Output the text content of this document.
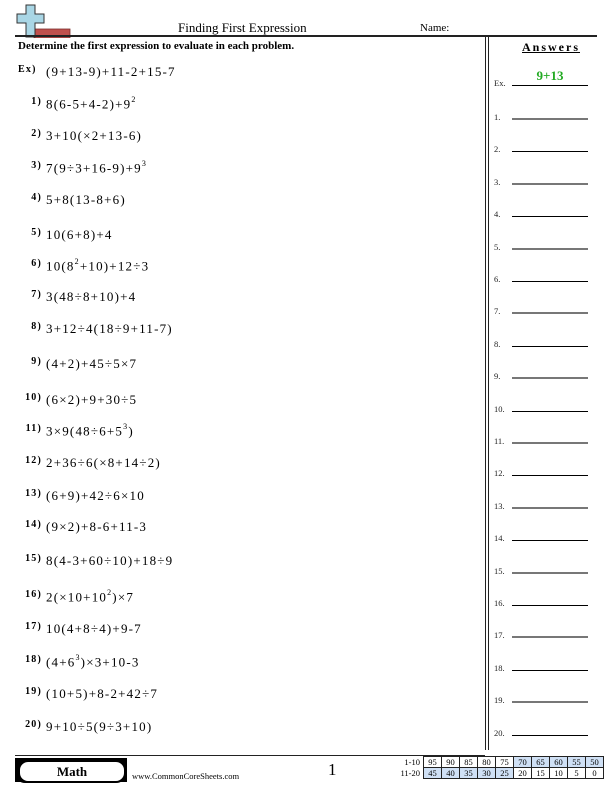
Finding First Expression	Name:
Determine the first expression to evaluate in each problem.
Ex) (9+13-9)+11-2+15-7
1) $8(6-5+4-2)+9^2$
2) 3+10(×2+13-6)
3) $7(9\div 3+16-9)+9^3$
4) 5+8(13-8+6)
5) 10(6+8)+4
6) $10(8^2+10)+12\div 3$
7) 3(48÷8+10)+4
8) 3+12÷4(18÷9+11-7)
9) (4+2)+45÷5×7
10) (6×2)+9+30÷5
11) $3\times 9(48\div 6+5^3)$
12) 2+36÷6(×8+14÷2)
13) (6+9)+42÷6×10
14) (9×2)+8-6+11-3
15) 8(4-3+60÷10)+18÷9
16) $2(\times 10+10^2)\times 7$
17) 10(4+8÷4)+9-7
18) $(4+6^3)\times 3+10-3$
19) (10+5)+8-2+42÷7
20) 9+10÷5(9÷3+10)
Answers
Ex.	9+13
1.
2.
3.
4.
5.
6.
7.
8.
9.
10.
11.
12.
13.
14.
15.
16.
17.
18.
19.
20.
Math	www.CommonCoreSheets.com	1	1-10	95	90	85	80	75	70	65	60	55	50
11-20	45	40	35	30	25	20	15	10	5	0
